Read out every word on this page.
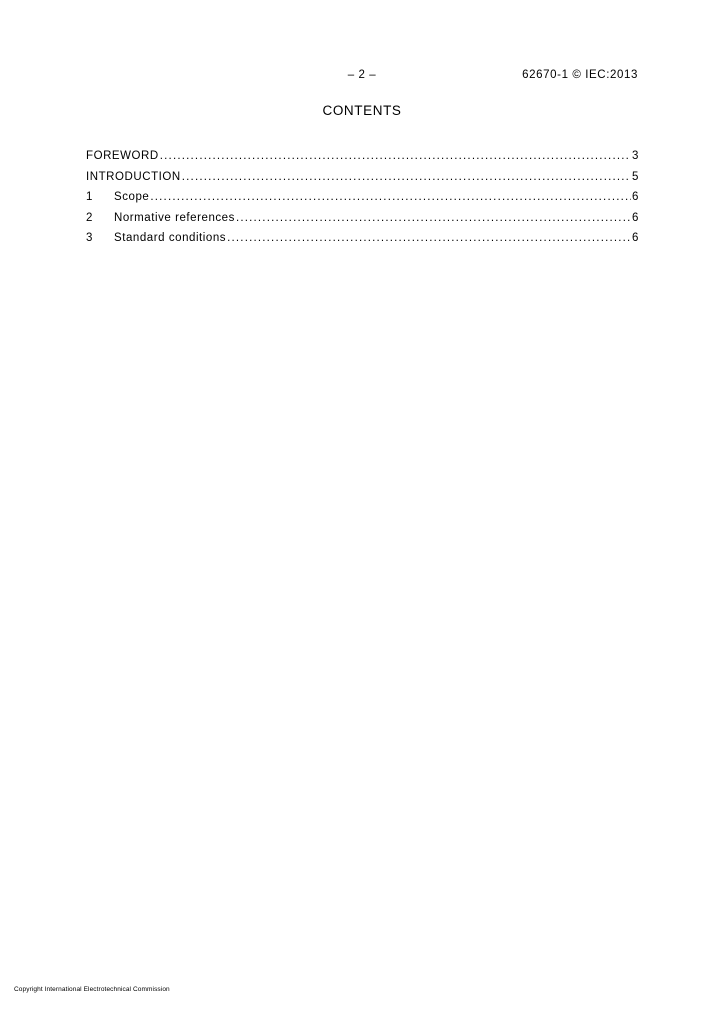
– 2 –	62670-1 © IEC:2013
CONTENTS
FOREWORD .....	3
INTRODUCTION .....	5
1	Scope .....	6
2	Normative references .....	6
3	Standard conditions .....	6
Copyright International Electrotechnical Commission
